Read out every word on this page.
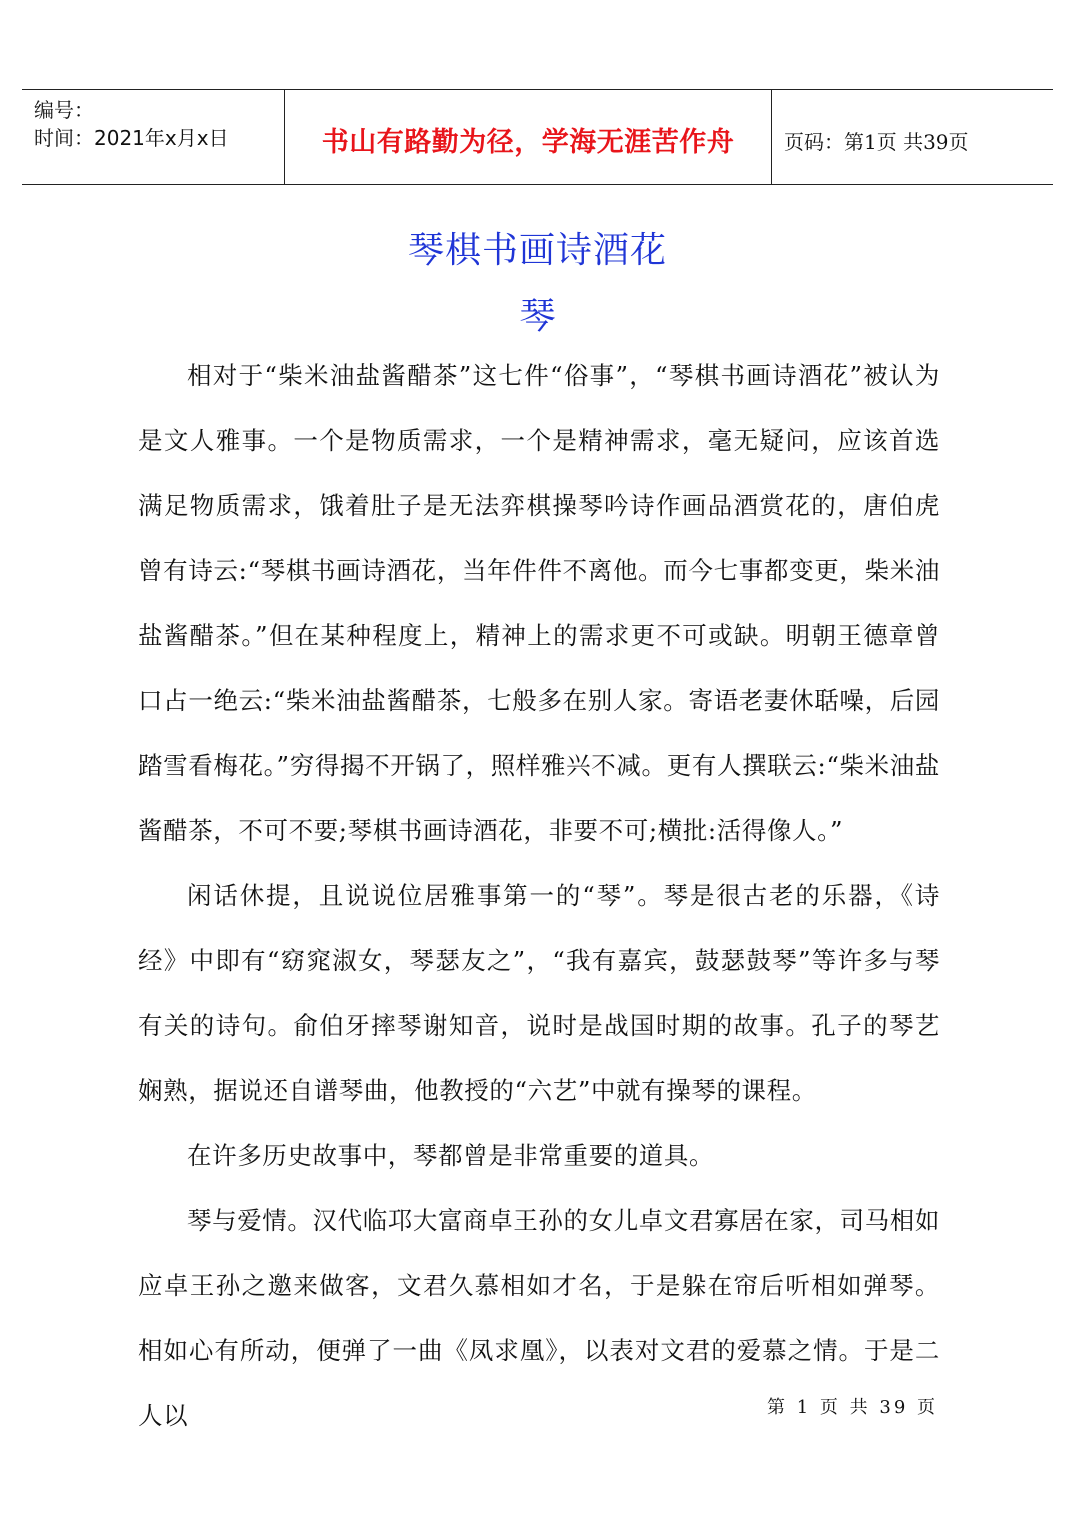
编号：
时间：2021年x月x日	书山有路勤为径，学海无涯苦作舟	页码：第1页 共39页
琴棋书画诗酒花
琴

相对于“柴米油盐酱醋茶”这七件“俗事”，“琴棋书画诗酒花”被认为是文人雅事。一个是物质需求，一个是精神需求，毫无疑问，应该首选满足物质需求，饿着肚子是无法弈棋操琴吟诗作画品酒赏花的，唐伯虎曾有诗云:“琴棋书画诗酒花，当年件件不离他。而今七事都变更，柴米油盐酱醋茶。”但在某种程度上，精神上的需求更不可或缺。明朝王德章曾口占一绝云:“柴米油盐酱醋茶，七般多在别人家。寄语老妻休聒噪，后园踏雪看梅花。”穷得揭不开锅了，照样雅兴不减。更有人撰联云:“柴米油盐酱醋茶，不可不要;琴棋书画诗酒花，非要不可;横批:活得像人。”

闲话休提，且说说位居雅事第一的“琴”。琴是很古老的乐器，《诗经》中即有“窈窕淑女，琴瑟友之”，“我有嘉宾，鼓瑟鼓琴”等许多与琴有关的诗句。俞伯牙摔琴谢知音，说时是战国时期的故事。孔子的琴艺娴熟，据说还自谱琴曲，他教授的“六艺”中就有操琴的课程。

在许多历史故事中，琴都曾是非常重要的道具。

琴与爱情。汉代临邛大富商卓王孙的女儿卓文君寡居在家，司马相如应卓王孙之邀来做客，文君久慕相如才名，于是躲在帘后听相如弹琴。相如心有所动，便弹了一曲《凤求凰》，以表对文君的爱慕之情。于是二人以	第 1 页 共 39 页
